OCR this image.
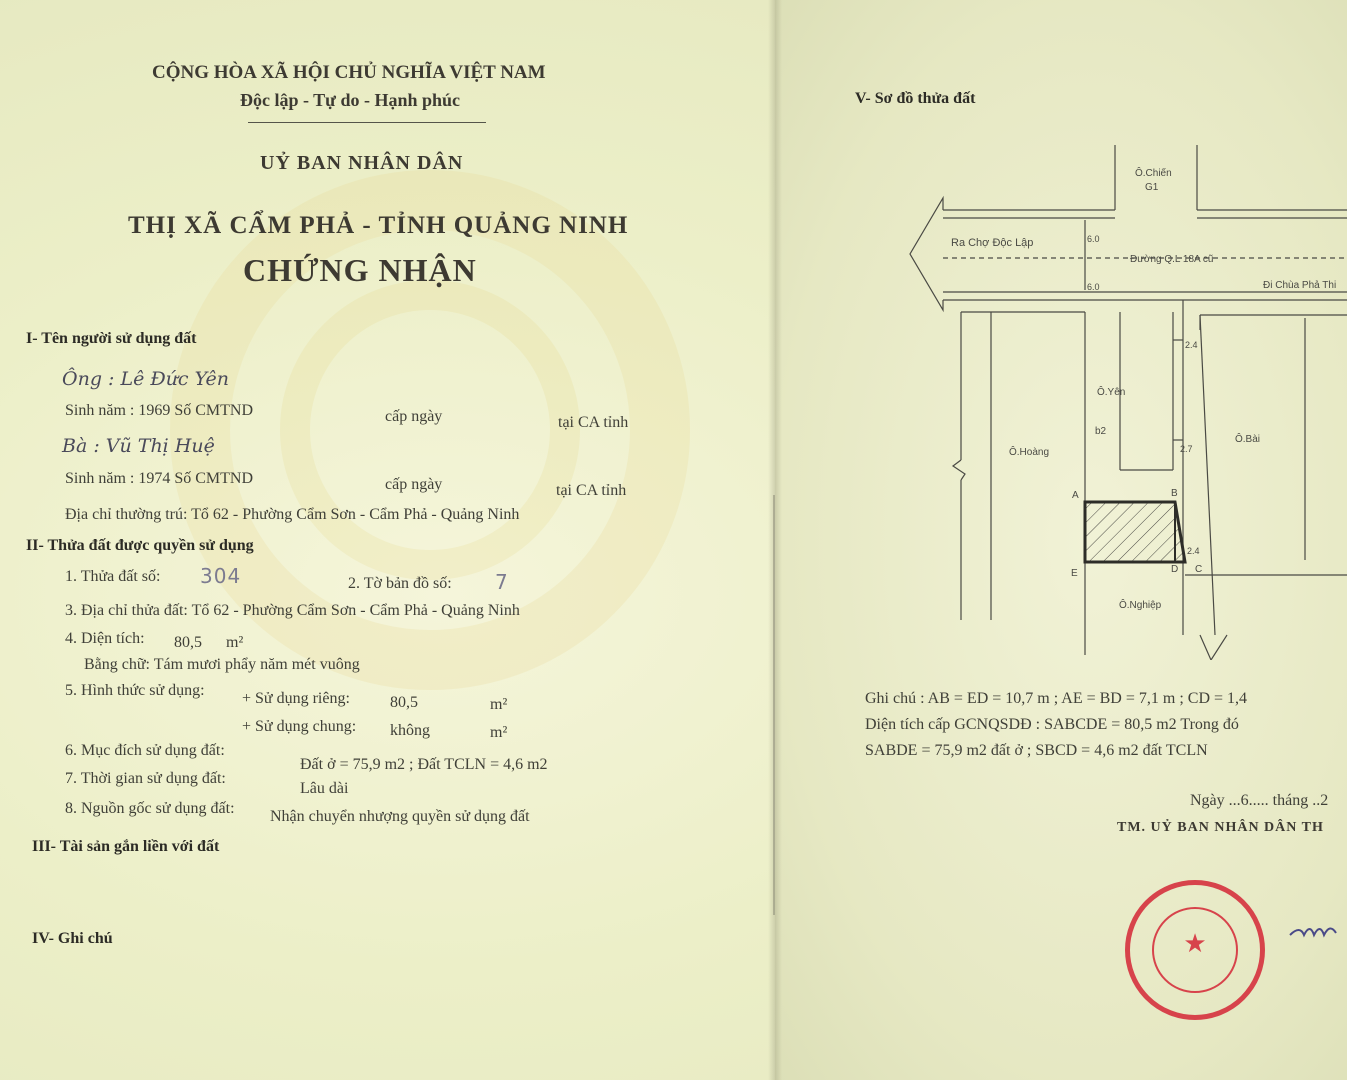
CỘNG HÒA XÃ HỘI CHỦ NGHĨA VIỆT NAM
Độc lập - Tự do - Hạnh phúc
UỶ BAN NHÂN DÂN
THỊ XÃ CẨM PHẢ - TỈNH QUẢNG NINH
CHỨNG NHẬN
I- Tên người sử dụng đất
Ông : Lê Đức Yên
Sinh năm : 1969 Số CMTND	cấp ngày	tại CA tỉnh
Bà : Vũ Thị Huệ
Sinh năm : 1974 Số CMTND	cấp ngày	tại CA tỉnh
Địa chỉ thường trú: Tổ 62 - Phường Cẩm Sơn - Cẩm Phả - Quảng Ninh
II- Thửa đất được quyền sử dụng
1. Thửa đất số: 304	2. Tờ bản đồ số: 7
3. Địa chỉ thửa đất: Tổ 62 - Phường Cẩm Sơn - Cẩm Phả - Quảng Ninh
4. Diện tích: 80,5 m²
Bằng chữ: Tám mươi phẩy năm mét vuông
5. Hình thức sử dụng: + Sử dụng riêng:	80,5	m²
+ Sử dụng chung: không	m²
6. Mục đích sử dụng đất:
Đất ở = 75,9 m2 ; Đất TCLN = 4,6 m2
7. Thời gian sử dụng đất:
Lâu dài
8. Nguồn gốc sử dụng đất: Nhận chuyển nhượng quyền sử dụng đất
III- Tài sản gắn liền với đất
IV- Ghi chú
V- Sơ đồ thửa đất
Ô.Chiến
G1
Ra Chợ Độc Lập
Đường Q.L 18A cũ
Đi Chùa Phả Thi
6.0
6.0
2.4
2.7
2.4
Ô.Yên
b2
Ô.Hoàng
Ô.Bài
Ô.Nghiệp
A	B
C
D
E
Ghi chú : AB = ED = 10,7 m ; AE = BD = 7,1 m ; CD = 1,4
Diện tích cấp GCNQSDĐ : SABCDE = 80,5 m2 Trong đó
SABDE = 75,9 m2 đất ở ; SBCD = 4,6 m2 đất TCLN
Ngày ...6..... tháng ..2
TM. UỶ BAN NHÂN DÂN TH
★
